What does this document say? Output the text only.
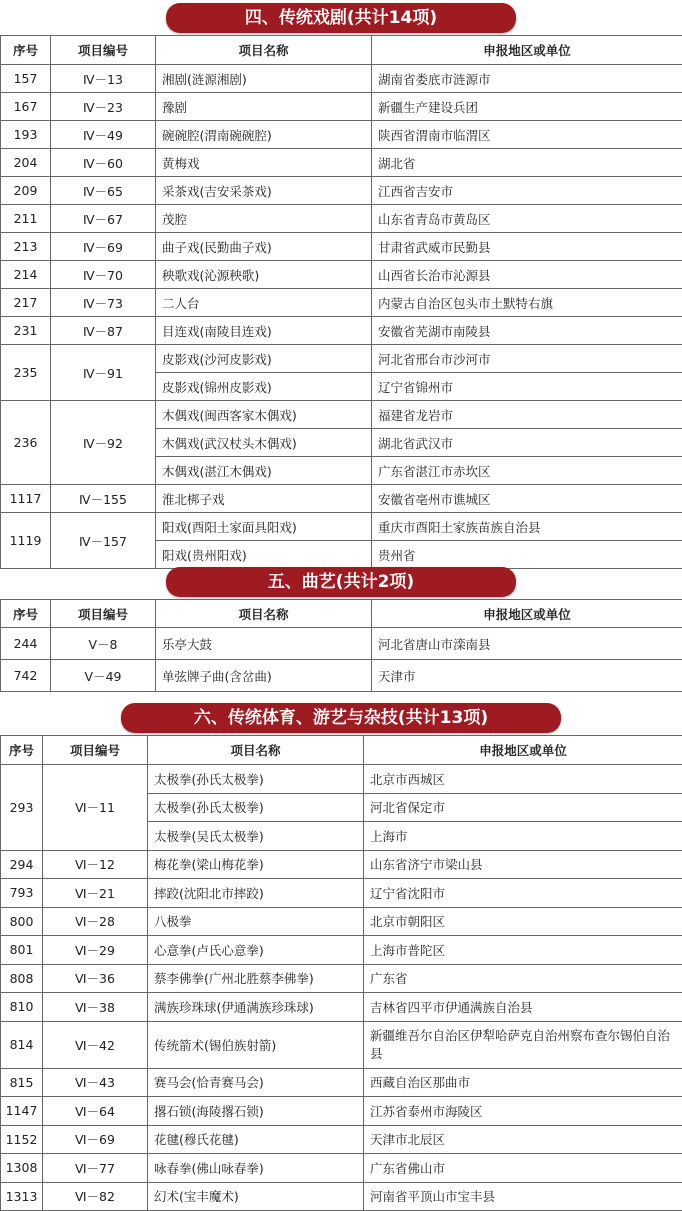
四、传统戏剧(共计14项)
序号	项目编号	项目名称	申报地区或单位
157	Ⅳ－13	湘剧(涟源湘剧)	湖南省娄底市涟源市
167	Ⅳ－23	豫剧	新疆生产建设兵团
193	Ⅳ－49	碗碗腔(渭南碗碗腔)	陕西省渭南市临渭区
204	Ⅳ－60	黄梅戏	湖北省
209	Ⅳ－65	采茶戏(吉安采茶戏)	江西省吉安市
211	Ⅳ－67	茂腔	山东省青岛市黄岛区
213	Ⅳ－69	曲子戏(民勤曲子戏)	甘肃省武威市民勤县
214	Ⅳ－70	秧歌戏(沁源秧歌)	山西省长治市沁源县
217	Ⅳ－73	二人台	内蒙古自治区包头市土默特右旗
231	Ⅳ－87	目连戏(南陵目连戏)	安徽省芜湖市南陵县
235	Ⅳ－91	皮影戏(沙河皮影戏)	河北省邢台市沙河市
		皮影戏(锦州皮影戏)	辽宁省锦州市
236	Ⅳ－92	木偶戏(闽西客家木偶戏)	福建省龙岩市
		木偶戏(武汉杖头木偶戏)	湖北省武汉市
		木偶戏(湛江木偶戏)	广东省湛江市赤坎区
1117	Ⅳ－155	淮北梆子戏	安徽省亳州市谯城区
1119	Ⅳ－157	阳戏(酉阳土家面具阳戏)	重庆市酉阳土家族苗族自治县
		阳戏(贵州阳戏)	贵州省
五、曲艺(共计2项)
序号	项目编号	项目名称	申报地区或单位
244	Ⅴ－8	乐亭大鼓	河北省唐山市滦南县
742	Ⅴ－49	单弦牌子曲(含岔曲)	天津市
六、传统体育、游艺与杂技(共计13项)
序号	项目编号	项目名称	申报地区或单位
293	Ⅵ－11	太极拳(孙氏太极拳)	北京市西城区
		太极拳(孙氏太极拳)	河北省保定市
		太极拳(吴氏太极拳)	上海市
294	Ⅵ－12	梅花拳(梁山梅花拳)	山东省济宁市梁山县
793	Ⅵ－21	摔跤(沈阳北市摔跤)	辽宁省沈阳市
800	Ⅵ－28	八极拳	北京市朝阳区
801	Ⅵ－29	心意拳(卢氏心意拳)	上海市普陀区
808	Ⅵ－36	蔡李佛拳(广州北胜蔡李佛拳)	广东省
810	Ⅵ－38	满族珍珠球(伊通满族珍珠球)	吉林省四平市伊通满族自治县
814	Ⅵ－42	传统箭术(锡伯族射箭)	新疆维吾尔自治区伊犁哈萨克自治州察布查尔锡伯自治县
815	Ⅵ－43	赛马会(恰青赛马会)	西藏自治区那曲市
1147	Ⅵ－64	撂石锁(海陵撂石锁)	江苏省泰州市海陵区
1152	Ⅵ－69	花毽(穆氏花毽)	天津市北辰区
1308	Ⅵ－77	咏春拳(佛山咏春拳)	广东省佛山市
1313	Ⅵ－82	幻术(宝丰魔术)	河南省平顶山市宝丰县
